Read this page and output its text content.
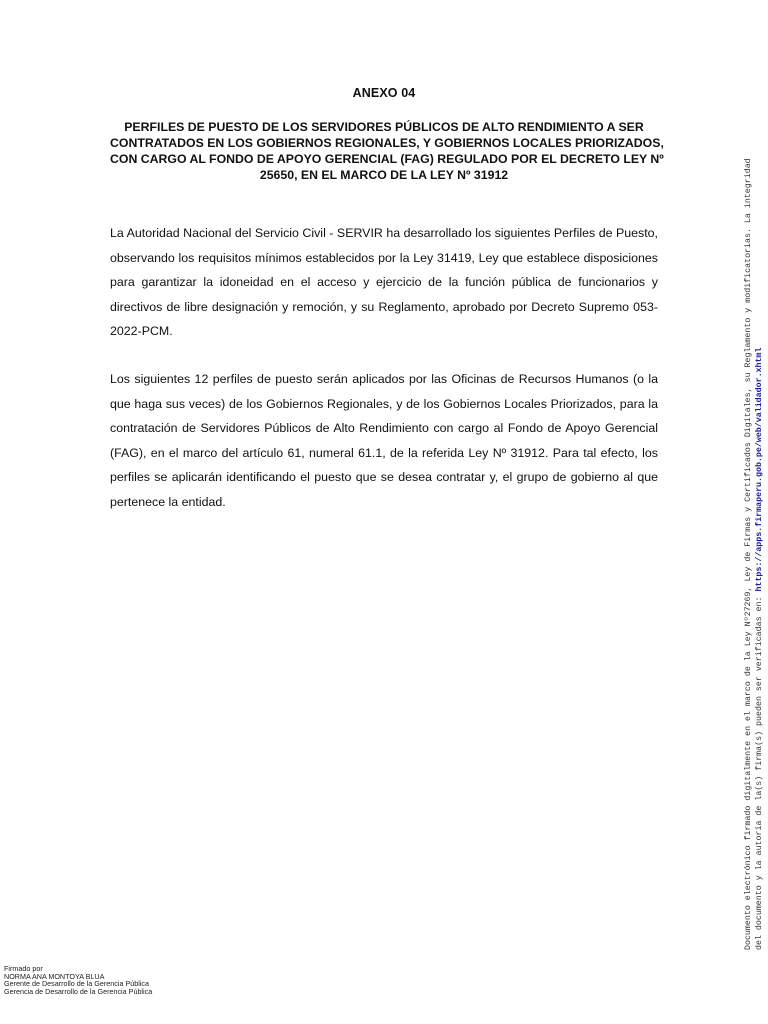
ANEXO 04
PERFILES DE PUESTO DE LOS SERVIDORES PÚBLICOS DE ALTO RENDIMIENTO A SER
CONTRATADOS EN LOS GOBIERNOS REGIONALES, Y GOBIERNOS LOCALES PRIORIZADOS,
CON CARGO AL FONDO DE APOYO GERENCIAL (FAG) REGULADO POR EL DECRETO LEY Nº
25650, EN EL MARCO DE LA LEY Nº 31912

La Autoridad Nacional del Servicio Civil - SERVIR ha desarrollado los siguientes Perfiles de Puesto, observando los requisitos mínimos establecidos por la Ley 31419, Ley que establece disposiciones para garantizar la idoneidad en el acceso y ejercicio de la función pública de funcionarios y directivos de libre designación y remoción, y su Reglamento, aprobado por Decreto Supremo 053-2022-PCM.

Los siguientes 12 perfiles de puesto serán aplicados por las Oficinas de Recursos Humanos (o la que haga sus veces) de los Gobiernos Regionales, y de los Gobiernos Locales Priorizados, para la contratación de Servidores Públicos de Alto Rendimiento con cargo al Fondo de Apoyo Gerencial (FAG), en el marco del artículo 61, numeral 61.1, de la referida Ley Nº 31912. Para tal efecto, los perfiles se aplicarán identificando el puesto que se desea contratar y, el grupo de gobierno al que pertenece la entidad.	Documento electrónico firmado digitalmente en el marco de la Ley Nº27269, Ley de Firmas y Certificados Digitales, su Reglamento y modificatorias. La integridad del documento y la autoría de la(s) firma(s) pueden ser verificadas en: https://apps.firmaperu.gob.pe/web/validador.xhtml
Firmado por
NORMA ANA MONTOYA BLUA
Gerente de Desarrollo de la Gerencia Pública
Gerencia de Desarrollo de la Gerencia Pública
